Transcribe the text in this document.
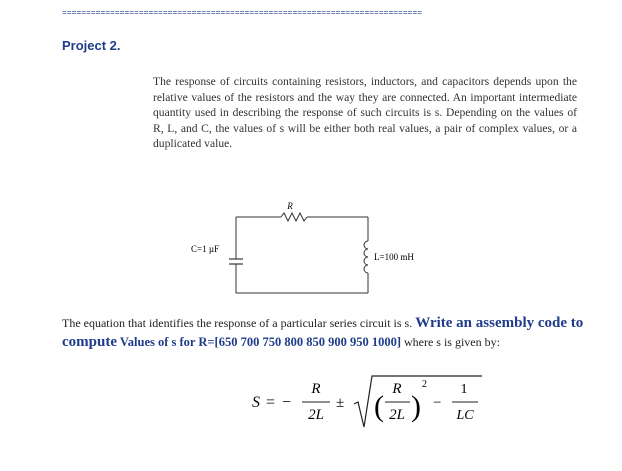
===========================================================================
Project 2.

The response of circuits containing resistors, inductors, and capacitors depends upon the relative values of the resistors and the way they are connected. An important intermediate quantity used in describing the response of such circuits is s. Depending on the values of R, L, and C, the values of s will be either both real values, a pair of complex values, or a duplicated value.

R
C=1 µF
L=100 mH

The equation that identifies the response of a particular series circuit is s. Write an assembly code to
compute Values of s for R=[650 700 750 800 850 900 950 1000] where s is given by:

S = −
R
2L
± (
R
2L )
2
−
1
LC
